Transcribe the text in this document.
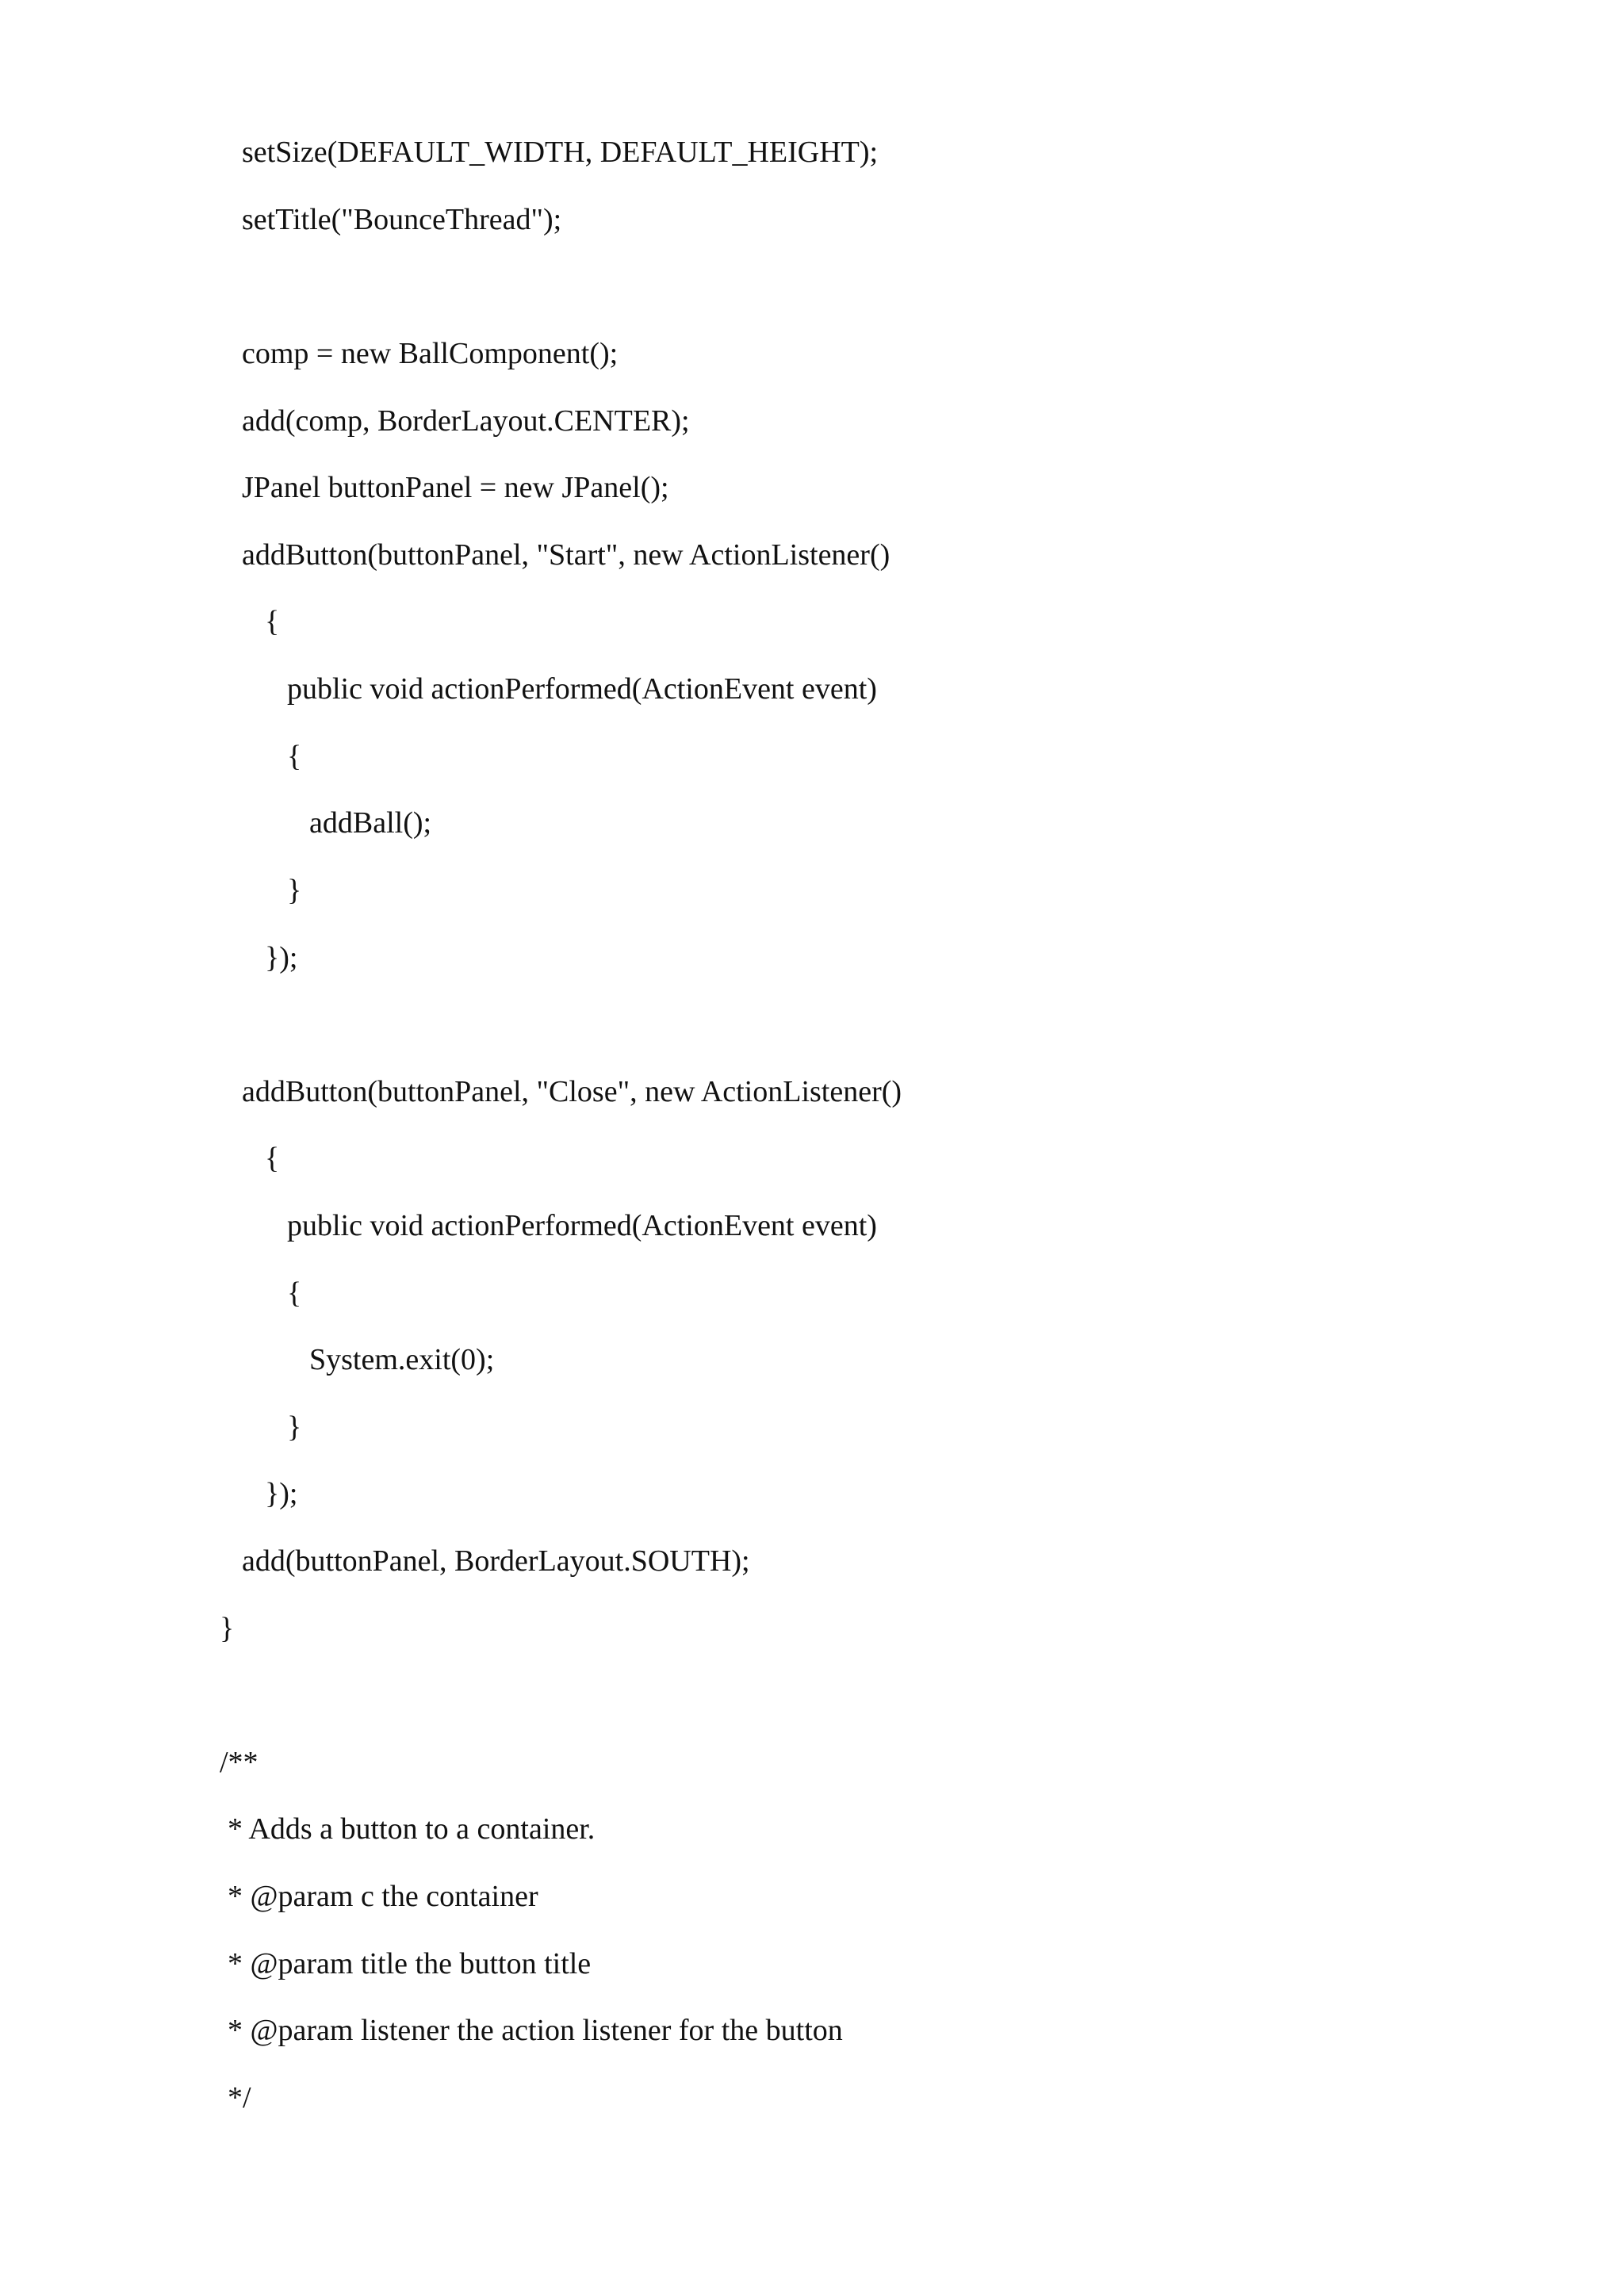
setSize(DEFAULT_WIDTH, DEFAULT_HEIGHT);

setTitle("BounceThread");

comp = new BallComponent();

add(comp, BorderLayout.CENTER);

JPanel buttonPanel = new JPanel();

addButton(buttonPanel, "Start", new ActionListener()

{

public void actionPerformed(ActionEvent event)

{

addBall();

}

});

addButton(buttonPanel, "Close", new ActionListener()

{

public void actionPerformed(ActionEvent event)

{

System.exit(0);

}

});

add(buttonPanel, BorderLayout.SOUTH);

}

/**

* Adds a button to a container.

* @param c the container

* @param title the button title

* @param listener the action listener for the button

*/
